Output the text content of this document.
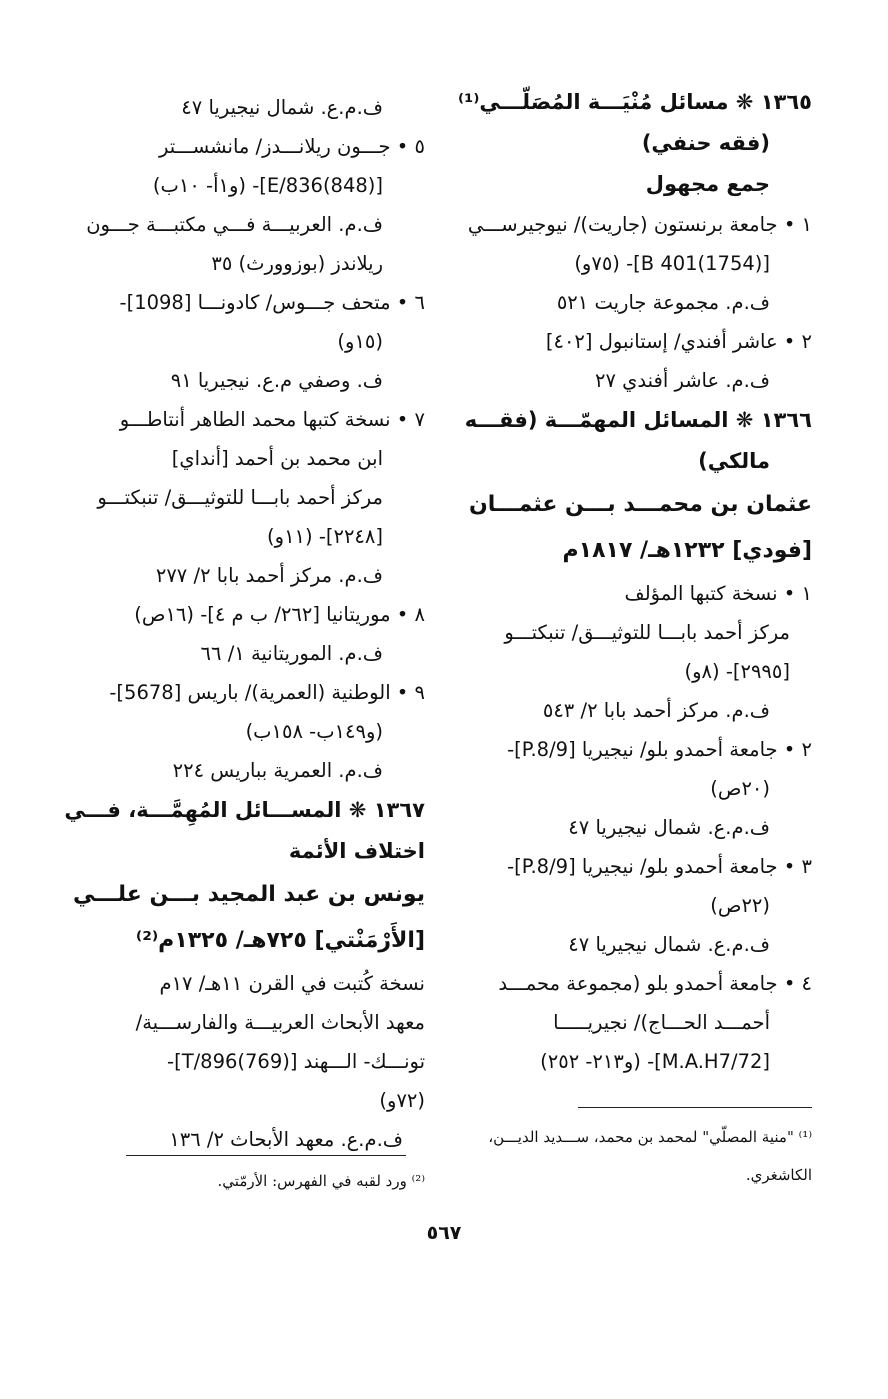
١٣٦٥ ❋ مسائل مُنْيَـــة المُصَلّـــي⁽¹⁾
(فقه حنفي)
جمع مجهول
١ • جامعة برنستون (جاريت)/ نيوجيرســـي
[B 401(1754)]- (٧٥و)
ف.م. مجموعة جاريت ٥٢١
٢ • عاشر أفندي/ إستانبول [٤٠٢]
ف.م. عاشر أفندي ٢٧
١٣٦٦ ❋ المسائل المهمّـــة (فقـــه
مالكي)
عثمان بن محمـــد بـــن عثمـــان
[فودي] ١٢٣٢هـ/ ١٨١٧م
١ • نسخة كتبها المؤلف
مركز أحمد بابـــا للتوثيـــق/ تنبكتـــو
[٢٩٩٥]- (٨و)
ف.م. مركز أحمد بابا ٢/ ٥٤٣
٢ • جامعة أحمدو بلو/ نيجيريا [P.8/9]-
(٢٠ص)
ف.م.ع. شمال نيجيريا ٤٧
٣ • جامعة أحمدو بلو/ نيجيريا [P.8/9]-
(٢٢ص)
ف.م.ع. شمال نيجيريا ٤٧
٤ • جامعة أحمدو بلو (مجموعة محمـــد
أحمـــد الحـــاج)/ نجيريـــــا
[M.A.H7/72]- (و٢١٣- ٢٥٢)
ف.م.ع. شمال نيجيريا ٤٧
٥ • جـــون ريلانـــدز/ مانشســـتر
[E/836(848)]- (و١أ- ١٠ب)
ف.م. العربيـــة فـــي مكتبـــة جـــون
ريلاندز (بوزوورث) ٣٥
٦ • متحف جـــوس/ كادونـــا [1098]-
(١٥و)
ف. وصفي م.ع. نيجيريا ٩١
٧ • نسخة كتبها محمد الطاهر أنتاطـــو
ابن محمد بن أحمد [أنداي]
مركز أحمد بابـــا للتوثيـــق/ تنبكتـــو
[٢٢٤٨]- (١١و)
ف.م. مركز أحمد بابا ٢/ ٢٧٧
٨ • موريتانيا [٢٦٢/ ب م ٤]- (١٦ص)
ف.م. الموريتانية ١/ ٦٦
٩ • الوطنية (العمرية)/ باريس [5678]-
(و١٤٩ب- ١٥٨ب)
ف.م. العمرية بباريس ٢٢٤
١٣٦٧ ❋ المســـائل المُهِمَّـــة، فـــي
اختلاف الأئمة
يونس بن عبد المجيد بـــن علـــي
[الأَرْمَنْتي] ٧٢٥هـ/ ١٣٢٥م⁽²⁾
نسخة كُتبت في القرن ١١هـ/ ١٧م
معهد الأبحاث العربيـــة والفارســـية/
تونـــك- الـــهند [T/896(769)]-
(٧٢و)
ف.م.ع. معهد الأبحاث ٢/ ١٣٦	⁽¹⁾ "منية المصلّي" لمحمد بن محمد، ســـديد الديـــن،
الكاشغري.
⁽²⁾ ورد لقبه في الفهرس: الأرمّتي.
٥٦٧
